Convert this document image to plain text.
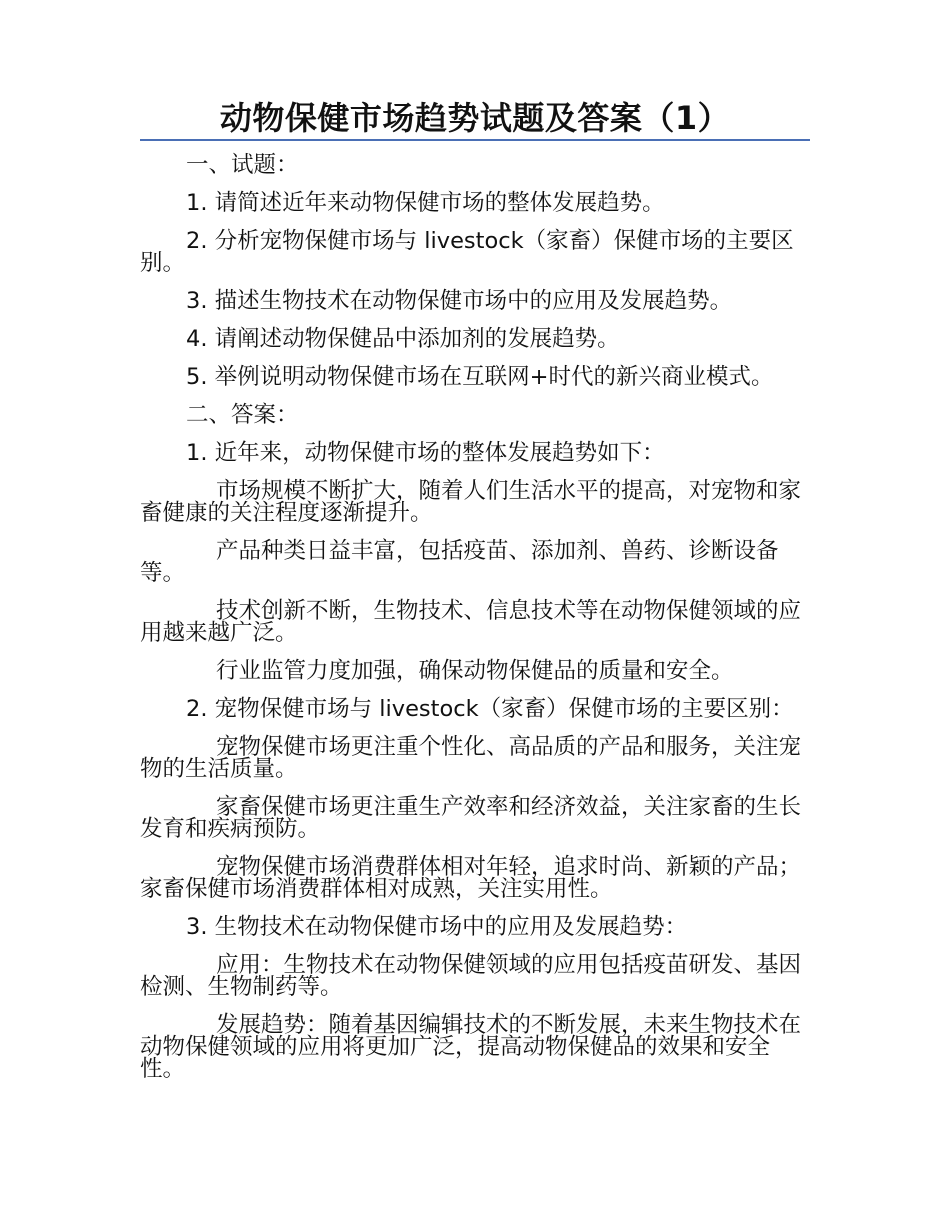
动物保健市场趋势试题及答案（1）

一、试题：

1. 请简述近年来动物保健市场的整体发展趋势。

2. 分析宠物保健市场与 livestock（家畜）保健市场的主要区别。

3. 描述生物技术在动物保健市场中的应用及发展趋势。

4. 请阐述动物保健品中添加剂的发展趋势。

5. 举例说明动物保健市场在互联网+时代的新兴商业模式。

二、答案：

1. 近年来，动物保健市场的整体发展趋势如下：

市场规模不断扩大，随着人们生活水平的提高，对宠物和家畜健康的关注程度逐渐提升。

产品种类日益丰富，包括疫苗、添加剂、兽药、诊断设备等。

技术创新不断，生物技术、信息技术等在动物保健领域的应用越来越广泛。

行业监管力度加强，确保动物保健品的质量和安全。

2. 宠物保健市场与 livestock（家畜）保健市场的主要区别：

宠物保健市场更注重个性化、高品质的产品和服务，关注宠物的生活质量。

家畜保健市场更注重生产效率和经济效益，关注家畜的生长发育和疾病预防。

宠物保健市场消费群体相对年轻，追求时尚、新颖的产品；家畜保健市场消费群体相对成熟，关注实用性。

3. 生物技术在动物保健市场中的应用及发展趋势：

应用：生物技术在动物保健领域的应用包括疫苗研发、基因检测、生物制药等。

发展趋势：随着基因编辑技术的不断发展，未来生物技术在动物保健领域的应用将更加广泛，提高动物保健品的效果和安全性。
